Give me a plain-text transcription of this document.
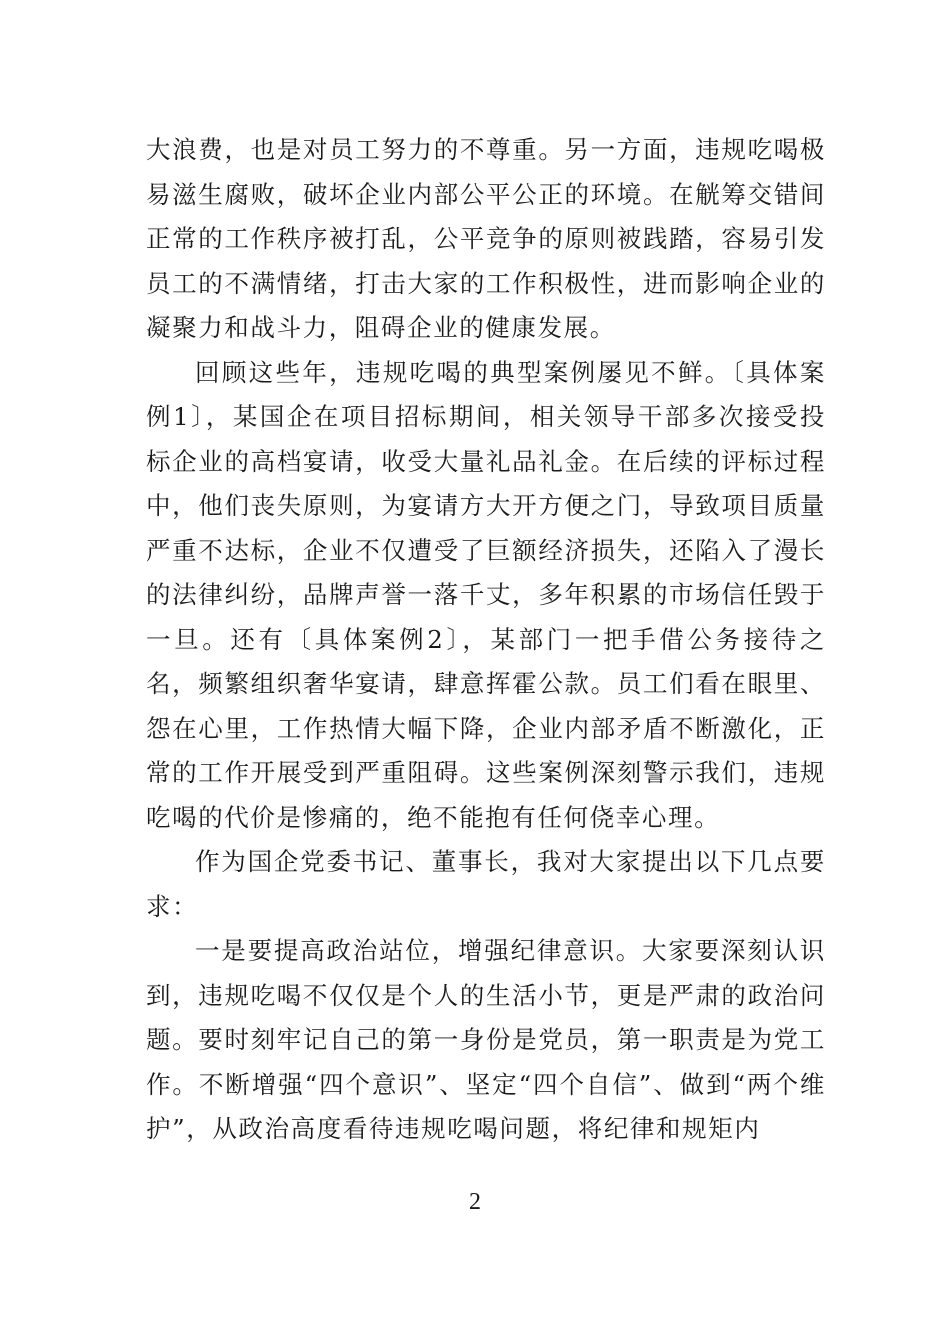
大浪费，也是对员工努力的不尊重。另一方面，违规吃喝极易滋生腐败，破坏企业内部公平公正的环境。在觥筹交错间正常的工作秩序被打乱，公平竞争的原则被践踏，容易引发员工的不满情绪，打击大家的工作积极性，进而影响企业的凝聚力和战斗力，阻碍企业的健康发展。

回顾这些年，违规吃喝的典型案例屡见不鲜。〔具体案例1〕，某国企在项目招标期间，相关领导干部多次接受投标企业的高档宴请，收受大量礼品礼金。在后续的评标过程中，他们丧失原则，为宴请方大开方便之门，导致项目质量严重不达标，企业不仅遭受了巨额经济损失，还陷入了漫长的法律纠纷，品牌声誉一落千丈，多年积累的市场信任毁于一旦。还有〔具体案例2〕，某部门一把手借公务接待之名，频繁组织奢华宴请，肆意挥霍公款。员工们看在眼里、怨在心里，工作热情大幅下降，企业内部矛盾不断激化，正常的工作开展受到严重阻碍。这些案例深刻警示我们，违规吃喝的代价是惨痛的，绝不能抱有任何侥幸心理。

作为国企党委书记、董事长，我对大家提出以下几点要求：

一是要提高政治站位，增强纪律意识。大家要深刻认识到，违规吃喝不仅仅是个人的生活小节，更是严肃的政治问题。要时刻牢记自己的第一身份是党员，第一职责是为党工作。不断增强“四个意识”、坚定“四个自信”、做到“两个维护”，从政治高度看待违规吃喝问题，将纪律和规矩内

2
